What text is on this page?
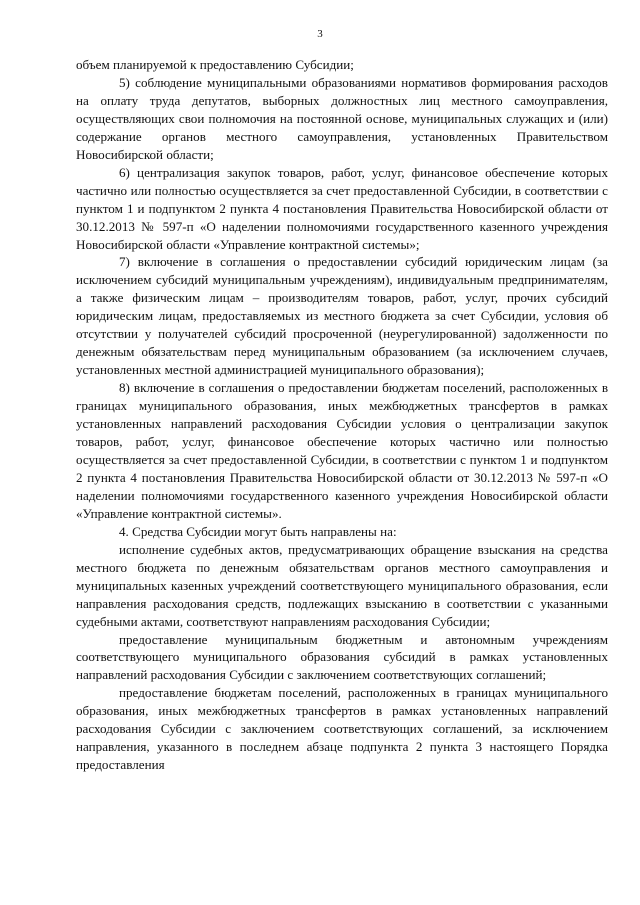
3

объем планируемой к предоставлению Субсидии;

5) соблюдение муниципальными образованиями нормативов формирования расходов на оплату труда депутатов, выборных должностных лиц местного самоуправления, осуществляющих свои полномочия на постоянной основе, муниципальных служащих и (или) содержание органов местного самоуправления, установленных Правительством Новосибирской области;

6) централизация закупок товаров, работ, услуг, финансовое обеспечение которых частично или полностью осуществляется за счет предоставленной Субсидии, в соответствии с пунктом 1 и подпунктом 2 пункта 4 постановления Правительства Новосибирской области от 30.12.2013 № 597-п «О наделении полномочиями государственного казенного учреждения Новосибирской области «Управление контрактной системы»;

7) включение в соглашения о предоставлении субсидий юридическим лицам (за исключением субсидий муниципальным учреждениям), индивидуальным предпринимателям, а также физическим лицам – производителям товаров, работ, услуг, прочих субсидий юридическим лицам, предоставляемых из местного бюджета за счет Субсидии, условия об отсутствии у получателей субсидий просроченной (неурегулированной) задолженности по денежным обязательствам перед муниципальным образованием (за исключением случаев, установленных местной администрацией муниципального образования);

8) включение в соглашения о предоставлении бюджетам поселений, расположенных в границах муниципального образования, иных межбюджетных трансфертов в рамках установленных направлений расходования Субсидии условия о централизации закупок товаров, работ, услуг, финансовое обеспечение которых частично или полностью осуществляется за счет предоставленной Субсидии, в соответствии с пунктом 1 и подпунктом 2 пункта 4 постановления Правительства Новосибирской области от 30.12.2013 № 597-п «О наделении полномочиями государственного казенного учреждения Новосибирской области «Управление контрактной системы».

4. Средства Субсидии могут быть направлены на:

исполнение судебных актов, предусматривающих обращение взыскания на средства местного бюджета по денежным обязательствам органов местного самоуправления и муниципальных казенных учреждений соответствующего муниципального образования, если направления расходования средств, подлежащих взысканию в соответствии с указанными судебными актами, соответствуют направлениям расходования Субсидии;

предоставление муниципальным бюджетным и автономным учреждениям соответствующего муниципального образования субсидий в рамках установленных направлений расходования Субсидии с заключением соответствующих соглашений;

предоставление бюджетам поселений, расположенных в границах муниципального образования, иных межбюджетных трансфертов в рамках установленных направлений расходования Субсидии с заключением соответствующих соглашений, за исключением направления, указанного в последнем абзаце подпункта 2 пункта 3 настоящего Порядка предоставления
